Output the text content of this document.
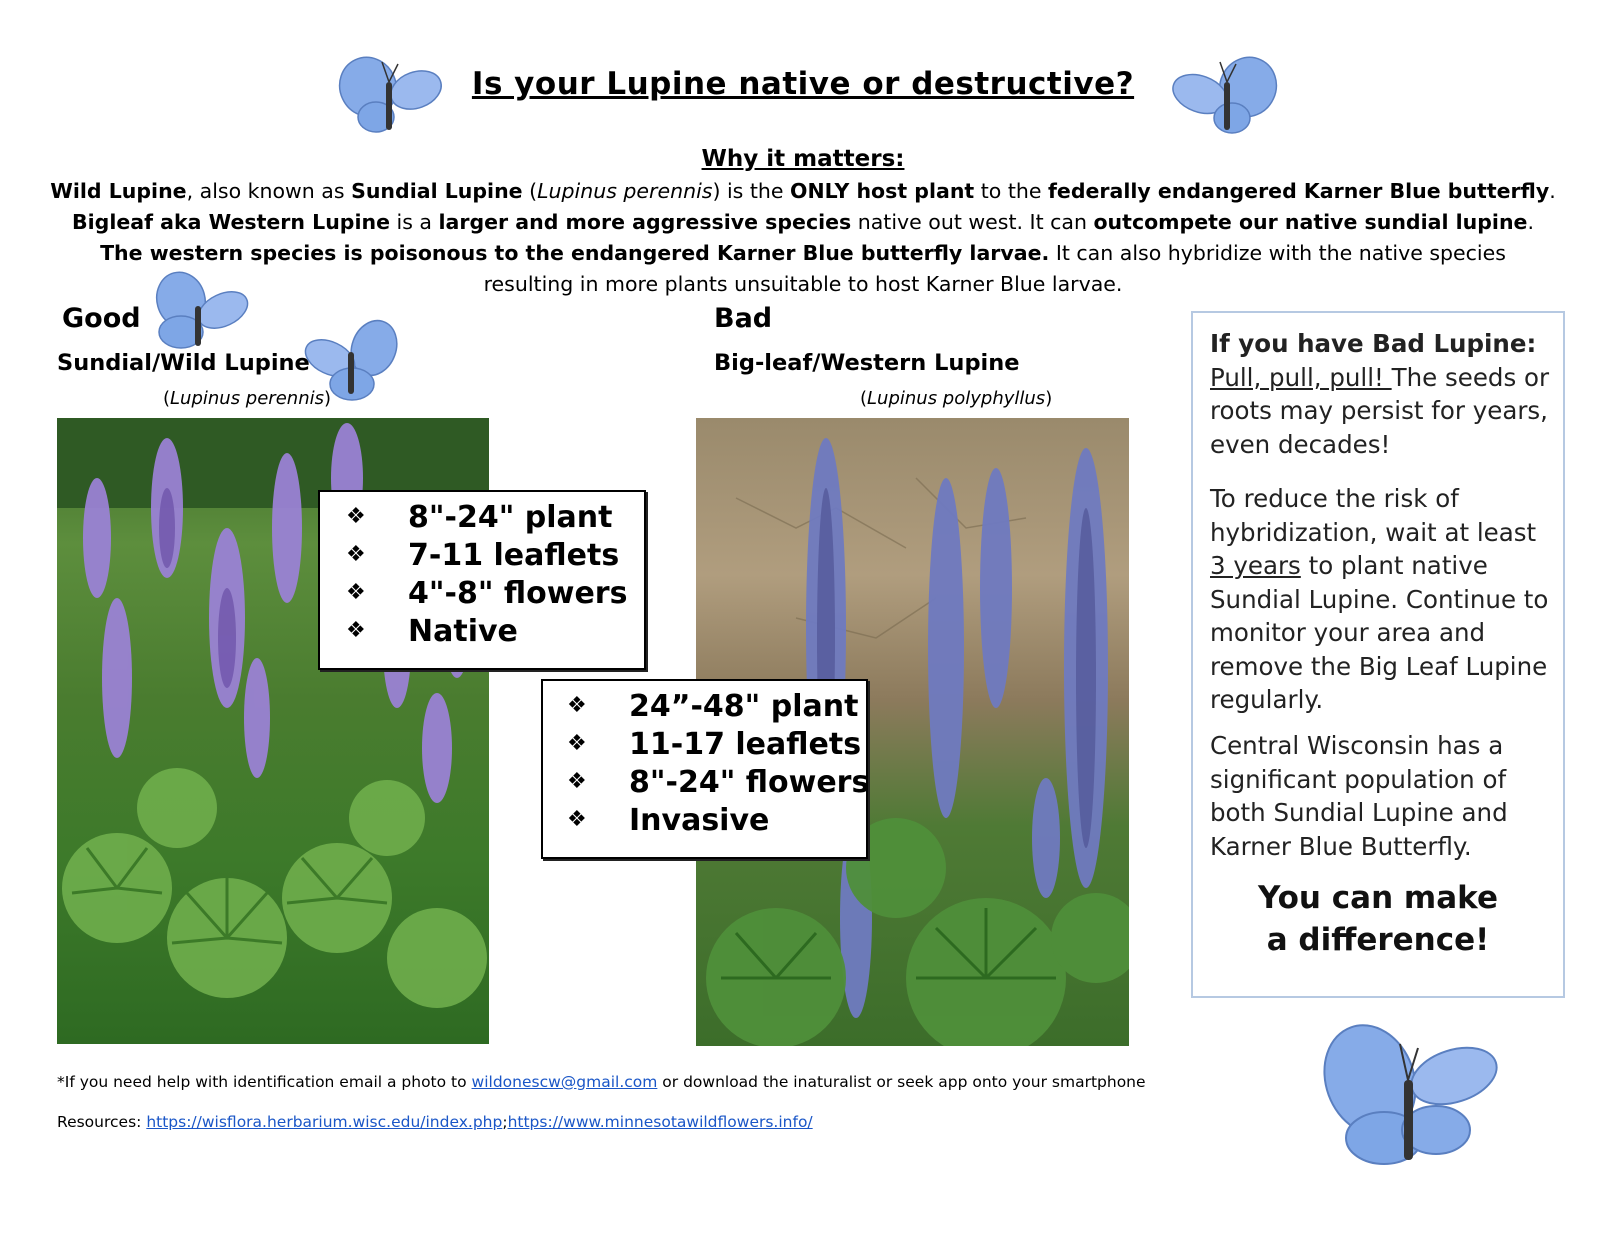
Is your Lupine native or destructive?
Why it matters:
Wild Lupine, also known as Sundial Lupine (Lupinus perennis) is the ONLY host plant to the federally endangered Karner Blue butterfly.
Bigleaf aka Western Lupine is a larger and more aggressive species native out west. It can outcompete our native sundial lupine.
The western species is poisonous to the endangered Karner Blue butterfly larvae. It can also hybridize with the native species
resulting in more plants unsuitable to host Karner Blue larvae.
Good	Bad
Sundial/Wild Lupine	Big-leaf/Western Lupine
(Lupinus perennis)	(Lupinus polyphyllus)
❖ 8"-24" plant
❖ 7-11 leaflets
❖ 4"-8" flowers
❖ Native
❖ 24”-48" plant
❖ 11-17 leaflets
❖ 8"-24" flowers
❖ Invasive
If you have Bad Lupine:
Pull, pull, pull! The seeds or roots may persist for years, even decades!
To reduce the risk of hybridization, wait at least 3 years to plant native Sundial Lupine. Continue to monitor your area and remove the Big Leaf Lupine regularly.
Central Wisconsin has a significant population of both Sundial Lupine and Karner Blue Butterfly.
You can make a difference!
*If you need help with identification email a photo to wildonescw@gmail.com or download the inaturalist or seek app onto your smartphone
Resources: https://wisflora.herbarium.wisc.edu/index.php;https://www.minnesotawildflowers.info/
